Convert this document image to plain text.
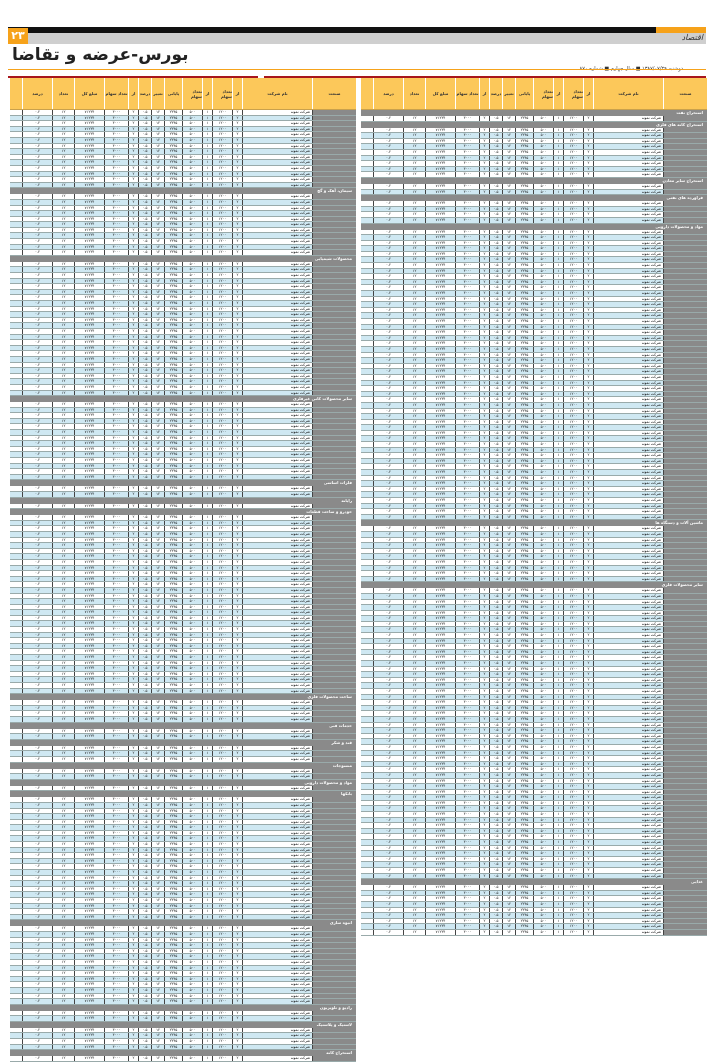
۲۳	اقتصاد
بورس-عرضه و تقاضا
صنعت
نام شرکت
از
تعداد سهام
از
تعداد سهام
پایانی
تغییر
درصد
از
تعداد سهام
مبلغ کل
تعداد
درصد
استخراج نفت
شرکت نمونه
۲
۱۲۰۰
۱
۵۰۰
۲۳۴۵
۱۲
۰.۵
۲
۳۰۰۰
۷۱۲۳۴
۱۲
۰.۲
استخراج کانه های فلزی
شرکت نمونه
۲
۱۲۰۰
۱
۵۰۰
۲۳۴۵
۱۲
۰.۵
۲
۳۰۰۰
۷۱۲۳۴
۱۲
۰.۲
شرکت نمونه
۲
۱۲۰۰
۱
۵۰۰
۲۳۴۵
۱۲
۰.۵
۲
۳۰۰۰
۷۱۲۳۴
۱۲
۰.۲
شرکت نمونه
۲
۱۲۰۰
۱
۵۰۰
۲۳۴۵
۱۲
۰.۵
۲
۳۰۰۰
۷۱۲۳۴
۱۲
۰.۲
شرکت نمونه
۲
۱۲۰۰
۱
۵۰۰
۲۳۴۵
۱۲
۰.۵
۲
۳۰۰۰
۷۱۲۳۴
۱۲
۰.۲
شرکت نمونه
۲
۱۲۰۰
۱
۵۰۰
۲۳۴۵
۱۲
۰.۵
۲
۳۰۰۰
۷۱۲۳۴
۱۲
۰.۲
شرکت نمونه
۲
۱۲۰۰
۱
۵۰۰
۲۳۴۵
۱۲
۰.۵
۲
۳۰۰۰
۷۱۲۳۴
۱۲
۰.۲
شرکت نمونه
۲
۱۲۰۰
۱
۵۰۰
۲۳۴۵
۱۲
۰.۵
۲
۳۰۰۰
۷۱۲۳۴
۱۲
۰.۲
شرکت نمونه
۲
۱۲۰۰
۱
۵۰۰
۲۳۴۵
۱۲
۰.۵
۲
۳۰۰۰
۷۱۲۳۴
۱۲
۰.۲
شرکت نمونه
۲
۱۲۰۰
۱
۵۰۰
۲۳۴۵
۱۲
۰.۵
۲
۳۰۰۰
۷۱۲۳۴
۱۲
۰.۲
استخراج سایر معادن
شرکت نمونه
۲
۱۲۰۰
۱
۵۰۰
۲۳۴۵
۱۲
۰.۵
۲
۳۰۰۰
۷۱۲۳۴
۱۲
۰.۲
شرکت نمونه
۲
۱۲۰۰
۱
۵۰۰
۲۳۴۵
۱۲
۰.۵
۲
۳۰۰۰
۷۱۲۳۴
۱۲
۰.۲
فراورده های نفتی
شرکت نمونه
۲
۱۲۰۰
۱
۵۰۰
۲۳۴۵
۱۲
۰.۵
۲
۳۰۰۰
۷۱۲۳۴
۱۲
۰.۲
شرکت نمونه
۲
۱۲۰۰
۱
۵۰۰
۲۳۴۵
۱۲
۰.۵
۲
۳۰۰۰
۷۱۲۳۴
۱۲
۰.۲
شرکت نمونه
۲
۱۲۰۰
۱
۵۰۰
۲۳۴۵
۱۲
۰.۵
۲
۳۰۰۰
۷۱۲۳۴
۱۲
۰.۲
شرکت نمونه
۲
۱۲۰۰
۱
۵۰۰
۲۳۴۵
۱۲
۰.۵
۲
۳۰۰۰
۷۱۲۳۴
۱۲
۰.۲
مواد و محصولات دارویی
شرکت نمونه
۲
۱۲۰۰
۱
۵۰۰
۲۳۴۵
۱۲
۰.۵
۲
۳۰۰۰
۷۱۲۳۴
۱۲
۰.۲
شرکت نمونه
۲
۱۲۰۰
۱
۵۰۰
۲۳۴۵
۱۲
۰.۵
۲
۳۰۰۰
۷۱۲۳۴
۱۲
۰.۲
شرکت نمونه
۲
۱۲۰۰
۱
۵۰۰
۲۳۴۵
۱۲
۰.۵
۲
۳۰۰۰
۷۱۲۳۴
۱۲
۰.۲
شرکت نمونه
۲
۱۲۰۰
۱
۵۰۰
۲۳۴۵
۱۲
۰.۵
۲
۳۰۰۰
۷۱۲۳۴
۱۲
۰.۲
شرکت نمونه
۲
۱۲۰۰
۱
۵۰۰
۲۳۴۵
۱۲
۰.۵
۲
۳۰۰۰
۷۱۲۳۴
۱۲
۰.۲
شرکت نمونه
۲
۱۲۰۰
۱
۵۰۰
۲۳۴۵
۱۲
۰.۵
۲
۳۰۰۰
۷۱۲۳۴
۱۲
۰.۲
شرکت نمونه
۲
۱۲۰۰
۱
۵۰۰
۲۳۴۵
۱۲
۰.۵
۲
۳۰۰۰
۷۱۲۳۴
۱۲
۰.۲
شرکت نمونه
۲
۱۲۰۰
۱
۵۰۰
۲۳۴۵
۱۲
۰.۵
۲
۳۰۰۰
۷۱۲۳۴
۱۲
۰.۲
شرکت نمونه
۲
۱۲۰۰
۱
۵۰۰
۲۳۴۵
۱۲
۰.۵
۲
۳۰۰۰
۷۱۲۳۴
۱۲
۰.۲
شرکت نمونه
۲
۱۲۰۰
۱
۵۰۰
۲۳۴۵
۱۲
۰.۵
۲
۳۰۰۰
۷۱۲۳۴
۱۲
۰.۲
شرکت نمونه
۲
۱۲۰۰
۱
۵۰۰
۲۳۴۵
۱۲
۰.۵
۲
۳۰۰۰
۷۱۲۳۴
۱۲
۰.۲
شرکت نمونه
۲
۱۲۰۰
۱
۵۰۰
۲۳۴۵
۱۲
۰.۵
۲
۳۰۰۰
۷۱۲۳۴
۱۲
۰.۲
شرکت نمونه
۲
۱۲۰۰
۱
۵۰۰
۲۳۴۵
۱۲
۰.۵
۲
۳۰۰۰
۷۱۲۳۴
۱۲
۰.۲
شرکت نمونه
۲
۱۲۰۰
۱
۵۰۰
۲۳۴۵
۱۲
۰.۵
۲
۳۰۰۰
۷۱۲۳۴
۱۲
۰.۲
شرکت نمونه
۲
۱۲۰۰
۱
۵۰۰
۲۳۴۵
۱۲
۰.۵
۲
۳۰۰۰
۷۱۲۳۴
۱۲
۰.۲
شرکت نمونه
۲
۱۲۰۰
۱
۵۰۰
۲۳۴۵
۱۲
۰.۵
۲
۳۰۰۰
۷۱۲۳۴
۱۲
۰.۲
شرکت نمونه
۲
۱۲۰۰
۱
۵۰۰
۲۳۴۵
۱۲
۰.۵
۲
۳۰۰۰
۷۱۲۳۴
۱۲
۰.۲
شرکت نمونه
۲
۱۲۰۰
۱
۵۰۰
۲۳۴۵
۱۲
۰.۵
۲
۳۰۰۰
۷۱۲۳۴
۱۲
۰.۲
شرکت نمونه
۲
۱۲۰۰
۱
۵۰۰
۲۳۴۵
۱۲
۰.۵
۲
۳۰۰۰
۷۱۲۳۴
۱۲
۰.۲
شرکت نمونه
۲
۱۲۰۰
۱
۵۰۰
۲۳۴۵
۱۲
۰.۵
۲
۳۰۰۰
۷۱۲۳۴
۱۲
۰.۲
شرکت نمونه
۲
۱۲۰۰
۱
۵۰۰
۲۳۴۵
۱۲
۰.۵
۲
۳۰۰۰
۷۱۲۳۴
۱۲
۰.۲
شرکت نمونه
۲
۱۲۰۰
۱
۵۰۰
۲۳۴۵
۱۲
۰.۵
۲
۳۰۰۰
۷۱۲۳۴
۱۲
۰.۲
شرکت نمونه
۲
۱۲۰۰
۱
۵۰۰
۲۳۴۵
۱۲
۰.۵
۲
۳۰۰۰
۷۱۲۳۴
۱۲
۰.۲
شرکت نمونه
۲
۱۲۰۰
۱
۵۰۰
۲۳۴۵
۱۲
۰.۵
۲
۳۰۰۰
۷۱۲۳۴
۱۲
۰.۲
شرکت نمونه
۲
۱۲۰۰
۱
۵۰۰
۲۳۴۵
۱۲
۰.۵
۲
۳۰۰۰
۷۱۲۳۴
۱۲
۰.۲
شرکت نمونه
۲
۱۲۰۰
۱
۵۰۰
۲۳۴۵
۱۲
۰.۵
۲
۳۰۰۰
۷۱۲۳۴
۱۲
۰.۲
شرکت نمونه
۲
۱۲۰۰
۱
۵۰۰
۲۳۴۵
۱۲
۰.۵
۲
۳۰۰۰
۷۱۲۳۴
۱۲
۰.۲
شرکت نمونه
۲
۱۲۰۰
۱
۵۰۰
۲۳۴۵
۱۲
۰.۵
۲
۳۰۰۰
۷۱۲۳۴
۱۲
۰.۲
شرکت نمونه
۲
۱۲۰۰
۱
۵۰۰
۲۳۴۵
۱۲
۰.۵
۲
۳۰۰۰
۷۱۲۳۴
۱۲
۰.۲
شرکت نمونه
۲
۱۲۰۰
۱
۵۰۰
۲۳۴۵
۱۲
۰.۵
۲
۳۰۰۰
۷۱۲۳۴
۱۲
۰.۲
شرکت نمونه
۲
۱۲۰۰
۱
۵۰۰
۲۳۴۵
۱۲
۰.۵
۲
۳۰۰۰
۷۱۲۳۴
۱۲
۰.۲
شرکت نمونه
۲
۱۲۰۰
۱
۵۰۰
۲۳۴۵
۱۲
۰.۵
۲
۳۰۰۰
۷۱۲۳۴
۱۲
۰.۲
شرکت نمونه
۲
۱۲۰۰
۱
۵۰۰
۲۳۴۵
۱۲
۰.۵
۲
۳۰۰۰
۷۱۲۳۴
۱۲
۰.۲
شرکت نمونه
۲
۱۲۰۰
۱
۵۰۰
۲۳۴۵
۱۲
۰.۵
۲
۳۰۰۰
۷۱۲۳۴
۱۲
۰.۲
شرکت نمونه
۲
۱۲۰۰
۱
۵۰۰
۲۳۴۵
۱۲
۰.۵
۲
۳۰۰۰
۷۱۲۳۴
۱۲
۰.۲
شرکت نمونه
۲
۱۲۰۰
۱
۵۰۰
۲۳۴۵
۱۲
۰.۵
۲
۳۰۰۰
۷۱۲۳۴
۱۲
۰.۲
شرکت نمونه
۲
۱۲۰۰
۱
۵۰۰
۲۳۴۵
۱۲
۰.۵
۲
۳۰۰۰
۷۱۲۳۴
۱۲
۰.۲
شرکت نمونه
۲
۱۲۰۰
۱
۵۰۰
۲۳۴۵
۱۲
۰.۵
۲
۳۰۰۰
۷۱۲۳۴
۱۲
۰.۲
شرکت نمونه
۲
۱۲۰۰
۱
۵۰۰
۲۳۴۵
۱۲
۰.۵
۲
۳۰۰۰
۷۱۲۳۴
۱۲
۰.۲
شرکت نمونه
۲
۱۲۰۰
۱
۵۰۰
۲۳۴۵
۱۲
۰.۵
۲
۳۰۰۰
۷۱۲۳۴
۱۲
۰.۲
شرکت نمونه
۲
۱۲۰۰
۱
۵۰۰
۲۳۴۵
۱۲
۰.۵
۲
۳۰۰۰
۷۱۲۳۴
۱۲
۰.۲
شرکت نمونه
۲
۱۲۰۰
۱
۵۰۰
۲۳۴۵
۱۲
۰.۵
۲
۳۰۰۰
۷۱۲۳۴
۱۲
۰.۲
شرکت نمونه
۲
۱۲۰۰
۱
۵۰۰
۲۳۴۵
۱۲
۰.۵
۲
۳۰۰۰
۷۱۲۳۴
۱۲
۰.۲
شرکت نمونه
۲
۱۲۰۰
۱
۵۰۰
۲۳۴۵
۱۲
۰.۵
۲
۳۰۰۰
۷۱۲۳۴
۱۲
۰.۲
شرکت نمونه
۲
۱۲۰۰
۱
۵۰۰
۲۳۴۵
۱۲
۰.۵
۲
۳۰۰۰
۷۱۲۳۴
۱۲
۰.۲
شرکت نمونه
۲
۱۲۰۰
۱
۵۰۰
۲۳۴۵
۱۲
۰.۵
۲
۳۰۰۰
۷۱۲۳۴
۱۲
۰.۲
شرکت نمونه
۲
۱۲۰۰
۱
۵۰۰
۲۳۴۵
۱۲
۰.۵
۲
۳۰۰۰
۷۱۲۳۴
۱۲
۰.۲
شرکت نمونه
۲
۱۲۰۰
۱
۵۰۰
۲۳۴۵
۱۲
۰.۵
۲
۳۰۰۰
۷۱۲۳۴
۱۲
۰.۲
شرکت نمونه
۲
۱۲۰۰
۱
۵۰۰
۲۳۴۵
۱۲
۰.۵
۲
۳۰۰۰
۷۱۲۳۴
۱۲
۰.۲
شرکت نمونه
۲
۱۲۰۰
۱
۵۰۰
۲۳۴۵
۱۲
۰.۵
۲
۳۰۰۰
۷۱۲۳۴
۱۲
۰.۲
شرکت نمونه
۲
۱۲۰۰
۱
۵۰۰
۲۳۴۵
۱۲
۰.۵
۲
۳۰۰۰
۷۱۲۳۴
۱۲
۰.۲
شرکت نمونه
۲
۱۲۰۰
۱
۵۰۰
۲۳۴۵
۱۲
۰.۵
۲
۳۰۰۰
۷۱۲۳۴
۱۲
۰.۲
ماشین آلات و دستگاه ها
شرکت نمونه
۲
۱۲۰۰
۱
۵۰۰
۲۳۴۵
۱۲
۰.۵
۲
۳۰۰۰
۷۱۲۳۴
۱۲
۰.۲
شرکت نمونه
۲
۱۲۰۰
۱
۵۰۰
۲۳۴۵
۱۲
۰.۵
۲
۳۰۰۰
۷۱۲۳۴
۱۲
۰.۲
شرکت نمونه
۲
۱۲۰۰
۱
۵۰۰
۲۳۴۵
۱۲
۰.۵
۲
۳۰۰۰
۷۱۲۳۴
۱۲
۰.۲
شرکت نمونه
۲
۱۲۰۰
۱
۵۰۰
۲۳۴۵
۱۲
۰.۵
۲
۳۰۰۰
۷۱۲۳۴
۱۲
۰.۲
شرکت نمونه
۲
۱۲۰۰
۱
۵۰۰
۲۳۴۵
۱۲
۰.۵
۲
۳۰۰۰
۷۱۲۳۴
۱۲
۰.۲
شرکت نمونه
۲
۱۲۰۰
۱
۵۰۰
۲۳۴۵
۱۲
۰.۵
۲
۳۰۰۰
۷۱۲۳۴
۱۲
۰.۲
شرکت نمونه
۲
۱۲۰۰
۱
۵۰۰
۲۳۴۵
۱۲
۰.۵
۲
۳۰۰۰
۷۱۲۳۴
۱۲
۰.۲
شرکت نمونه
۲
۱۲۰۰
۱
۵۰۰
۲۳۴۵
۱۲
۰.۵
۲
۳۰۰۰
۷۱۲۳۴
۱۲
۰.۲
شرکت نمونه
۲
۱۲۰۰
۱
۵۰۰
۲۳۴۵
۱۲
۰.۵
۲
۳۰۰۰
۷۱۲۳۴
۱۲
۰.۲
شرکت نمونه
۲
۱۲۰۰
۱
۵۰۰
۲۳۴۵
۱۲
۰.۵
۲
۳۰۰۰
۷۱۲۳۴
۱۲
۰.۲
سایر محصولات فلزی
شرکت نمونه
۲
۱۲۰۰
۱
۵۰۰
۲۳۴۵
۱۲
۰.۵
۲
۳۰۰۰
۷۱۲۳۴
۱۲
۰.۲
شرکت نمونه
۲
۱۲۰۰
۱
۵۰۰
۲۳۴۵
۱۲
۰.۵
۲
۳۰۰۰
۷۱۲۳۴
۱۲
۰.۲
شرکت نمونه
۲
۱۲۰۰
۱
۵۰۰
۲۳۴۵
۱۲
۰.۵
۲
۳۰۰۰
۷۱۲۳۴
۱۲
۰.۲
شرکت نمونه
۲
۱۲۰۰
۱
۵۰۰
۲۳۴۵
۱۲
۰.۵
۲
۳۰۰۰
۷۱۲۳۴
۱۲
۰.۲
شرکت نمونه
۲
۱۲۰۰
۱
۵۰۰
۲۳۴۵
۱۲
۰.۵
۲
۳۰۰۰
۷۱۲۳۴
۱۲
۰.۲
شرکت نمونه
۲
۱۲۰۰
۱
۵۰۰
۲۳۴۵
۱۲
۰.۵
۲
۳۰۰۰
۷۱۲۳۴
۱۲
۰.۲
شرکت نمونه
۲
۱۲۰۰
۱
۵۰۰
۲۳۴۵
۱۲
۰.۵
۲
۳۰۰۰
۷۱۲۳۴
۱۲
۰.۲
شرکت نمونه
۲
۱۲۰۰
۱
۵۰۰
۲۳۴۵
۱۲
۰.۵
۲
۳۰۰۰
۷۱۲۳۴
۱۲
۰.۲
شرکت نمونه
۲
۱۲۰۰
۱
۵۰۰
۲۳۴۵
۱۲
۰.۵
۲
۳۰۰۰
۷۱۲۳۴
۱۲
۰.۲
شرکت نمونه
۲
۱۲۰۰
۱
۵۰۰
۲۳۴۵
۱۲
۰.۵
۲
۳۰۰۰
۷۱۲۳۴
۱۲
۰.۲
شرکت نمونه
۲
۱۲۰۰
۱
۵۰۰
۲۳۴۵
۱۲
۰.۵
۲
۳۰۰۰
۷۱۲۳۴
۱۲
۰.۲
شرکت نمونه
۲
۱۲۰۰
۱
۵۰۰
۲۳۴۵
۱۲
۰.۵
۲
۳۰۰۰
۷۱۲۳۴
۱۲
۰.۲
شرکت نمونه
۲
۱۲۰۰
۱
۵۰۰
۲۳۴۵
۱۲
۰.۵
۲
۳۰۰۰
۷۱۲۳۴
۱۲
۰.۲
شرکت نمونه
۲
۱۲۰۰
۱
۵۰۰
۲۳۴۵
۱۲
۰.۵
۲
۳۰۰۰
۷۱۲۳۴
۱۲
۰.۲
شرکت نمونه
۲
۱۲۰۰
۱
۵۰۰
۲۳۴۵
۱۲
۰.۵
۲
۳۰۰۰
۷۱۲۳۴
۱۲
۰.۲
شرکت نمونه
۲
۱۲۰۰
۱
۵۰۰
۲۳۴۵
۱۲
۰.۵
۲
۳۰۰۰
۷۱۲۳۴
۱۲
۰.۲
شرکت نمونه
۲
۱۲۰۰
۱
۵۰۰
۲۳۴۵
۱۲
۰.۵
۲
۳۰۰۰
۷۱۲۳۴
۱۲
۰.۲
شرکت نمونه
۲
۱۲۰۰
۱
۵۰۰
۲۳۴۵
۱۲
۰.۵
۲
۳۰۰۰
۷۱۲۳۴
۱۲
۰.۲
شرکت نمونه
۲
۱۲۰۰
۱
۵۰۰
۲۳۴۵
۱۲
۰.۵
۲
۳۰۰۰
۷۱۲۳۴
۱۲
۰.۲
شرکت نمونه
۲
۱۲۰۰
۱
۵۰۰
۲۳۴۵
۱۲
۰.۵
۲
۳۰۰۰
۷۱۲۳۴
۱۲
۰.۲
شرکت نمونه
۲
۱۲۰۰
۱
۵۰۰
۲۳۴۵
۱۲
۰.۵
۲
۳۰۰۰
۷۱۲۳۴
۱۲
۰.۲
شرکت نمونه
۲
۱۲۰۰
۱
۵۰۰
۲۳۴۵
۱۲
۰.۵
۲
۳۰۰۰
۷۱۲۳۴
۱۲
۰.۲
شرکت نمونه
۲
۱۲۰۰
۱
۵۰۰
۲۳۴۵
۱۲
۰.۵
۲
۳۰۰۰
۷۱۲۳۴
۱۲
۰.۲
شرکت نمونه
۲
۱۲۰۰
۱
۵۰۰
۲۳۴۵
۱۲
۰.۵
۲
۳۰۰۰
۷۱۲۳۴
۱۲
۰.۲
شرکت نمونه
۲
۱۲۰۰
۱
۵۰۰
۲۳۴۵
۱۲
۰.۵
۲
۳۰۰۰
۷۱۲۳۴
۱۲
۰.۲
شرکت نمونه
۲
۱۲۰۰
۱
۵۰۰
۲۳۴۵
۱۲
۰.۵
۲
۳۰۰۰
۷۱۲۳۴
۱۲
۰.۲
شرکت نمونه
۲
۱۲۰۰
۱
۵۰۰
۲۳۴۵
۱۲
۰.۵
۲
۳۰۰۰
۷۱۲۳۴
۱۲
۰.۲
شرکت نمونه
۲
۱۲۰۰
۱
۵۰۰
۲۳۴۵
۱۲
۰.۵
۲
۳۰۰۰
۷۱۲۳۴
۱۲
۰.۲
شرکت نمونه
۲
۱۲۰۰
۱
۵۰۰
۲۳۴۵
۱۲
۰.۵
۲
۳۰۰۰
۷۱۲۳۴
۱۲
۰.۲
شرکت نمونه
۲
۱۲۰۰
۱
۵۰۰
۲۳۴۵
۱۲
۰.۵
۲
۳۰۰۰
۷۱۲۳۴
۱۲
۰.۲
شرکت نمونه
۲
۱۲۰۰
۱
۵۰۰
۲۳۴۵
۱۲
۰.۵
۲
۳۰۰۰
۷۱۲۳۴
۱۲
۰.۲
شرکت نمونه
۲
۱۲۰۰
۱
۵۰۰
۲۳۴۵
۱۲
۰.۵
۲
۳۰۰۰
۷۱۲۳۴
۱۲
۰.۲
شرکت نمونه
۲
۱۲۰۰
۱
۵۰۰
۲۳۴۵
۱۲
۰.۵
۲
۳۰۰۰
۷۱۲۳۴
۱۲
۰.۲
شرکت نمونه
۲
۱۲۰۰
۱
۵۰۰
۲۳۴۵
۱۲
۰.۵
۲
۳۰۰۰
۷۱۲۳۴
۱۲
۰.۲
شرکت نمونه
۲
۱۲۰۰
۱
۵۰۰
۲۳۴۵
۱۲
۰.۵
۲
۳۰۰۰
۷۱۲۳۴
۱۲
۰.۲
شرکت نمونه
۲
۱۲۰۰
۱
۵۰۰
۲۳۴۵
۱۲
۰.۵
۲
۳۰۰۰
۷۱۲۳۴
۱۲
۰.۲
شرکت نمونه
۲
۱۲۰۰
۱
۵۰۰
۲۳۴۵
۱۲
۰.۵
۲
۳۰۰۰
۷۱۲۳۴
۱۲
۰.۲
شرکت نمونه
۲
۱۲۰۰
۱
۵۰۰
۲۳۴۵
۱۲
۰.۵
۲
۳۰۰۰
۷۱۲۳۴
۱۲
۰.۲
شرکت نمونه
۲
۱۲۰۰
۱
۵۰۰
۲۳۴۵
۱۲
۰.۵
۲
۳۰۰۰
۷۱۲۳۴
۱۲
۰.۲
شرکت نمونه
۲
۱۲۰۰
۱
۵۰۰
۲۳۴۵
۱۲
۰.۵
۲
۳۰۰۰
۷۱۲۳۴
۱۲
۰.۲
شرکت نمونه
۲
۱۲۰۰
۱
۵۰۰
۲۳۴۵
۱۲
۰.۵
۲
۳۰۰۰
۷۱۲۳۴
۱۲
۰.۲
شرکت نمونه
۲
۱۲۰۰
۱
۵۰۰
۲۳۴۵
۱۲
۰.۵
۲
۳۰۰۰
۷۱۲۳۴
۱۲
۰.۲
شرکت نمونه
۲
۱۲۰۰
۱
۵۰۰
۲۳۴۵
۱۲
۰.۵
۲
۳۰۰۰
۷۱۲۳۴
۱۲
۰.۲
شرکت نمونه
۲
۱۲۰۰
۱
۵۰۰
۲۳۴۵
۱۲
۰.۵
۲
۳۰۰۰
۷۱۲۳۴
۱۲
۰.۲
شرکت نمونه
۲
۱۲۰۰
۱
۵۰۰
۲۳۴۵
۱۲
۰.۵
۲
۳۰۰۰
۷۱۲۳۴
۱۲
۰.۲
شرکت نمونه
۲
۱۲۰۰
۱
۵۰۰
۲۳۴۵
۱۲
۰.۵
۲
۳۰۰۰
۷۱۲۳۴
۱۲
۰.۲
شرکت نمونه
۲
۱۲۰۰
۱
۵۰۰
۲۳۴۵
۱۲
۰.۵
۲
۳۰۰۰
۷۱۲۳۴
۱۲
۰.۲
شرکت نمونه
۲
۱۲۰۰
۱
۵۰۰
۲۳۴۵
۱۲
۰.۵
۲
۳۰۰۰
۷۱۲۳۴
۱۲
۰.۲
شرکت نمونه
۲
۱۲۰۰
۱
۵۰۰
۲۳۴۵
۱۲
۰.۵
۲
۳۰۰۰
۷۱۲۳۴
۱۲
۰.۲
شرکت نمونه
۲
۱۲۰۰
۱
۵۰۰
۲۳۴۵
۱۲
۰.۵
۲
۳۰۰۰
۷۱۲۳۴
۱۲
۰.۲
شرکت نمونه
۲
۱۲۰۰
۱
۵۰۰
۲۳۴۵
۱۲
۰.۵
۲
۳۰۰۰
۷۱۲۳۴
۱۲
۰.۲
شرکت نمونه
۲
۱۲۰۰
۱
۵۰۰
۲۳۴۵
۱۲
۰.۵
۲
۳۰۰۰
۷۱۲۳۴
۱۲
۰.۲
غذایی
شرکت نمونه
۲
۱۲۰۰
۱
۵۰۰
۲۳۴۵
۱۲
۰.۵
۲
۳۰۰۰
۷۱۲۳۴
۱۲
۰.۲
شرکت نمونه
۲
۱۲۰۰
۱
۵۰۰
۲۳۴۵
۱۲
۰.۵
۲
۳۰۰۰
۷۱۲۳۴
۱۲
۰.۲
شرکت نمونه
۲
۱۲۰۰
۱
۵۰۰
۲۳۴۵
۱۲
۰.۵
۲
۳۰۰۰
۷۱۲۳۴
۱۲
۰.۲
شرکت نمونه
۲
۱۲۰۰
۱
۵۰۰
۲۳۴۵
۱۲
۰.۵
۲
۳۰۰۰
۷۱۲۳۴
۱۲
۰.۲
شرکت نمونه
۲
۱۲۰۰
۱
۵۰۰
۲۳۴۵
۱۲
۰.۵
۲
۳۰۰۰
۷۱۲۳۴
۱۲
۰.۲
شرکت نمونه
۲
۱۲۰۰
۱
۵۰۰
۲۳۴۵
۱۲
۰.۵
۲
۳۰۰۰
۷۱۲۳۴
۱۲
۰.۲
شرکت نمونه
۲
۱۲۰۰
۱
۵۰۰
۲۳۴۵
۱۲
۰.۵
۲
۳۰۰۰
۷۱۲۳۴
۱۲
۰.۲
شرکت نمونه
۲
۱۲۰۰
۱
۵۰۰
۲۳۴۵
۱۲
۰.۵
۲
۳۰۰۰
۷۱۲۳۴
۱۲
۰.۲
شرکت نمونه
۲
۱۲۰۰
۱
۵۰۰
۲۳۴۵
۱۲
۰.۵
۲
۳۰۰۰
۷۱۲۳۴
۱۲
۰.۲
صنعت
نام شرکت
از
تعداد سهام
از
تعداد سهام
پایانی
تغییر
درصد
از
تعداد سهام
مبلغ کل
تعداد
درصد
شرکت نمونه
۲
۱۲۰۰
۱
۵۰۰
۲۳۴۵
۱۲
۰.۵
۲
۳۰۰۰
۷۱۲۳۴
۱۲
۰.۲
شرکت نمونه
۲
۱۲۰۰
۱
۵۰۰
۲۳۴۵
۱۲
۰.۵
۲
۳۰۰۰
۷۱۲۳۴
۱۲
۰.۲
شرکت نمونه
۲
۱۲۰۰
۱
۵۰۰
۲۳۴۵
۱۲
۰.۵
۲
۳۰۰۰
۷۱۲۳۴
۱۲
۰.۲
شرکت نمونه
۲
۱۲۰۰
۱
۵۰۰
۲۳۴۵
۱۲
۰.۵
۲
۳۰۰۰
۷۱۲۳۴
۱۲
۰.۲
شرکت نمونه
۲
۱۲۰۰
۱
۵۰۰
۲۳۴۵
۱۲
۰.۵
۲
۳۰۰۰
۷۱۲۳۴
۱۲
۰.۲
شرکت نمونه
۲
۱۲۰۰
۱
۵۰۰
۲۳۴۵
۱۲
۰.۵
۲
۳۰۰۰
۷۱۲۳۴
۱۲
۰.۲
شرکت نمونه
۲
۱۲۰۰
۱
۵۰۰
۲۳۴۵
۱۲
۰.۵
۲
۳۰۰۰
۷۱۲۳۴
۱۲
۰.۲
شرکت نمونه
۲
۱۲۰۰
۱
۵۰۰
۲۳۴۵
۱۲
۰.۵
۲
۳۰۰۰
۷۱۲۳۴
۱۲
۰.۲
شرکت نمونه
۲
۱۲۰۰
۱
۵۰۰
۲۳۴۵
۱۲
۰.۵
۲
۳۰۰۰
۷۱۲۳۴
۱۲
۰.۲
شرکت نمونه
۲
۱۲۰۰
۱
۵۰۰
۲۳۴۵
۱۲
۰.۵
۲
۳۰۰۰
۷۱۲۳۴
۱۲
۰.۲
شرکت نمونه
۲
۱۲۰۰
۱
۵۰۰
۲۳۴۵
۱۲
۰.۵
۲
۳۰۰۰
۷۱۲۳۴
۱۲
۰.۲
شرکت نمونه
۲
۱۲۰۰
۱
۵۰۰
۲۳۴۵
۱۲
۰.۵
۲
۳۰۰۰
۷۱۲۳۴
۱۲
۰.۲
شرکت نمونه
۲
۱۲۰۰
۱
۵۰۰
۲۳۴۵
۱۲
۰.۵
۲
۳۰۰۰
۷۱۲۳۴
۱۲
۰.۲
شرکت نمونه
۲
۱۲۰۰
۱
۵۰۰
۲۳۴۵
۱۲
۰.۵
۲
۳۰۰۰
۷۱۲۳۴
۱۲
۰.۲
سیمان، آهک و گچ
شرکت نمونه
۲
۱۲۰۰
۱
۵۰۰
۲۳۴۵
۱۲
۰.۵
۲
۳۰۰۰
۷۱۲۳۴
۱۲
۰.۲
شرکت نمونه
۲
۱۲۰۰
۱
۵۰۰
۲۳۴۵
۱۲
۰.۵
۲
۳۰۰۰
۷۱۲۳۴
۱۲
۰.۲
شرکت نمونه
۲
۱۲۰۰
۱
۵۰۰
۲۳۴۵
۱۲
۰.۵
۲
۳۰۰۰
۷۱۲۳۴
۱۲
۰.۲
شرکت نمونه
۲
۱۲۰۰
۱
۵۰۰
۲۳۴۵
۱۲
۰.۵
۲
۳۰۰۰
۷۱۲۳۴
۱۲
۰.۲
شرکت نمونه
۲
۱۲۰۰
۱
۵۰۰
۲۳۴۵
۱۲
۰.۵
۲
۳۰۰۰
۷۱۲۳۴
۱۲
۰.۲
شرکت نمونه
۲
۱۲۰۰
۱
۵۰۰
۲۳۴۵
۱۲
۰.۵
۲
۳۰۰۰
۷۱۲۳۴
۱۲
۰.۲
شرکت نمونه
۲
۱۲۰۰
۱
۵۰۰
۲۳۴۵
۱۲
۰.۵
۲
۳۰۰۰
۷۱۲۳۴
۱۲
۰.۲
شرکت نمونه
۲
۱۲۰۰
۱
۵۰۰
۲۳۴۵
۱۲
۰.۵
۲
۳۰۰۰
۷۱۲۳۴
۱۲
۰.۲
شرکت نمونه
۲
۱۲۰۰
۱
۵۰۰
۲۳۴۵
۱۲
۰.۵
۲
۳۰۰۰
۷۱۲۳۴
۱۲
۰.۲
شرکت نمونه
۲
۱۲۰۰
۱
۵۰۰
۲۳۴۵
۱۲
۰.۵
۲
۳۰۰۰
۷۱۲۳۴
۱۲
۰.۲
شرکت نمونه
۲
۱۲۰۰
۱
۵۰۰
۲۳۴۵
۱۲
۰.۵
۲
۳۰۰۰
۷۱۲۳۴
۱۲
۰.۲
محصولات شیمیایی
شرکت نمونه
۲
۱۲۰۰
۱
۵۰۰
۲۳۴۵
۱۲
۰.۵
۲
۳۰۰۰
۷۱۲۳۴
۱۲
۰.۲
شرکت نمونه
۲
۱۲۰۰
۱
۵۰۰
۲۳۴۵
۱۲
۰.۵
۲
۳۰۰۰
۷۱۲۳۴
۱۲
۰.۲
شرکت نمونه
۲
۱۲۰۰
۱
۵۰۰
۲۳۴۵
۱۲
۰.۵
۲
۳۰۰۰
۷۱۲۳۴
۱۲
۰.۲
شرکت نمونه
۲
۱۲۰۰
۱
۵۰۰
۲۳۴۵
۱۲
۰.۵
۲
۳۰۰۰
۷۱۲۳۴
۱۲
۰.۲
شرکت نمونه
۲
۱۲۰۰
۱
۵۰۰
۲۳۴۵
۱۲
۰.۵
۲
۳۰۰۰
۷۱۲۳۴
۱۲
۰.۲
شرکت نمونه
۲
۱۲۰۰
۱
۵۰۰
۲۳۴۵
۱۲
۰.۵
۲
۳۰۰۰
۷۱۲۳۴
۱۲
۰.۲
شرکت نمونه
۲
۱۲۰۰
۱
۵۰۰
۲۳۴۵
۱۲
۰.۵
۲
۳۰۰۰
۷۱۲۳۴
۱۲
۰.۲
شرکت نمونه
۲
۱۲۰۰
۱
۵۰۰
۲۳۴۵
۱۲
۰.۵
۲
۳۰۰۰
۷۱۲۳۴
۱۲
۰.۲
شرکت نمونه
۲
۱۲۰۰
۱
۵۰۰
۲۳۴۵
۱۲
۰.۵
۲
۳۰۰۰
۷۱۲۳۴
۱۲
۰.۲
شرکت نمونه
۲
۱۲۰۰
۱
۵۰۰
۲۳۴۵
۱۲
۰.۵
۲
۳۰۰۰
۷۱۲۳۴
۱۲
۰.۲
شرکت نمونه
۲
۱۲۰۰
۱
۵۰۰
۲۳۴۵
۱۲
۰.۵
۲
۳۰۰۰
۷۱۲۳۴
۱۲
۰.۲
شرکت نمونه
۲
۱۲۰۰
۱
۵۰۰
۲۳۴۵
۱۲
۰.۵
۲
۳۰۰۰
۷۱۲۳۴
۱۲
۰.۲
شرکت نمونه
۲
۱۲۰۰
۱
۵۰۰
۲۳۴۵
۱۲
۰.۵
۲
۳۰۰۰
۷۱۲۳۴
۱۲
۰.۲
شرکت نمونه
۲
۱۲۰۰
۱
۵۰۰
۲۳۴۵
۱۲
۰.۵
۲
۳۰۰۰
۷۱۲۳۴
۱۲
۰.۲
شرکت نمونه
۲
۱۲۰۰
۱
۵۰۰
۲۳۴۵
۱۲
۰.۵
۲
۳۰۰۰
۷۱۲۳۴
۱۲
۰.۲
شرکت نمونه
۲
۱۲۰۰
۱
۵۰۰
۲۳۴۵
۱۲
۰.۵
۲
۳۰۰۰
۷۱۲۳۴
۱۲
۰.۲
شرکت نمونه
۲
۱۲۰۰
۱
۵۰۰
۲۳۴۵
۱۲
۰.۵
۲
۳۰۰۰
۷۱۲۳۴
۱۲
۰.۲
شرکت نمونه
۲
۱۲۰۰
۱
۵۰۰
۲۳۴۵
۱۲
۰.۵
۲
۳۰۰۰
۷۱۲۳۴
۱۲
۰.۲
شرکت نمونه
۲
۱۲۰۰
۱
۵۰۰
۲۳۴۵
۱۲
۰.۵
۲
۳۰۰۰
۷۱۲۳۴
۱۲
۰.۲
شرکت نمونه
۲
۱۲۰۰
۱
۵۰۰
۲۳۴۵
۱۲
۰.۵
۲
۳۰۰۰
۷۱۲۳۴
۱۲
۰.۲
شرکت نمونه
۲
۱۲۰۰
۱
۵۰۰
۲۳۴۵
۱۲
۰.۵
۲
۳۰۰۰
۷۱۲۳۴
۱۲
۰.۲
شرکت نمونه
۲
۱۲۰۰
۱
۵۰۰
۲۳۴۵
۱۲
۰.۵
۲
۳۰۰۰
۷۱۲۳۴
۱۲
۰.۲
شرکت نمونه
۲
۱۲۰۰
۱
۵۰۰
۲۳۴۵
۱۲
۰.۵
۲
۳۰۰۰
۷۱۲۳۴
۱۲
۰.۲
شرکت نمونه
۲
۱۲۰۰
۱
۵۰۰
۲۳۴۵
۱۲
۰.۵
۲
۳۰۰۰
۷۱۲۳۴
۱۲
۰.۲
سایر محصولات کانی غیرفلزی
شرکت نمونه
۲
۱۲۰۰
۱
۵۰۰
۲۳۴۵
۱۲
۰.۵
۲
۳۰۰۰
۷۱۲۳۴
۱۲
۰.۲
شرکت نمونه
۲
۱۲۰۰
۱
۵۰۰
۲۳۴۵
۱۲
۰.۵
۲
۳۰۰۰
۷۱۲۳۴
۱۲
۰.۲
شرکت نمونه
۲
۱۲۰۰
۱
۵۰۰
۲۳۴۵
۱۲
۰.۵
۲
۳۰۰۰
۷۱۲۳۴
۱۲
۰.۲
شرکت نمونه
۲
۱۲۰۰
۱
۵۰۰
۲۳۴۵
۱۲
۰.۵
۲
۳۰۰۰
۷۱۲۳۴
۱۲
۰.۲
شرکت نمونه
۲
۱۲۰۰
۱
۵۰۰
۲۳۴۵
۱۲
۰.۵
۲
۳۰۰۰
۷۱۲۳۴
۱۲
۰.۲
شرکت نمونه
۲
۱۲۰۰
۱
۵۰۰
۲۳۴۵
۱۲
۰.۵
۲
۳۰۰۰
۷۱۲۳۴
۱۲
۰.۲
شرکت نمونه
۲
۱۲۰۰
۱
۵۰۰
۲۳۴۵
۱۲
۰.۵
۲
۳۰۰۰
۷۱۲۳۴
۱۲
۰.۲
شرکت نمونه
۲
۱۲۰۰
۱
۵۰۰
۲۳۴۵
۱۲
۰.۵
۲
۳۰۰۰
۷۱۲۳۴
۱۲
۰.۲
شرکت نمونه
۲
۱۲۰۰
۱
۵۰۰
۲۳۴۵
۱۲
۰.۵
۲
۳۰۰۰
۷۱۲۳۴
۱۲
۰.۲
شرکت نمونه
۲
۱۲۰۰
۱
۵۰۰
۲۳۴۵
۱۲
۰.۵
۲
۳۰۰۰
۷۱۲۳۴
۱۲
۰.۲
شرکت نمونه
۲
۱۲۰۰
۱
۵۰۰
۲۳۴۵
۱۲
۰.۵
۲
۳۰۰۰
۷۱۲۳۴
۱۲
۰.۲
شرکت نمونه
۲
۱۲۰۰
۱
۵۰۰
۲۳۴۵
۱۲
۰.۵
۲
۳۰۰۰
۷۱۲۳۴
۱۲
۰.۲
شرکت نمونه
۲
۱۲۰۰
۱
۵۰۰
۲۳۴۵
۱۲
۰.۵
۲
۳۰۰۰
۷۱۲۳۴
۱۲
۰.۲
شرکت نمونه
۲
۱۲۰۰
۱
۵۰۰
۲۳۴۵
۱۲
۰.۵
۲
۳۰۰۰
۷۱۲۳۴
۱۲
۰.۲
فلزات اساسی
شرکت نمونه
۲
۱۲۰۰
۱
۵۰۰
۲۳۴۵
۱۲
۰.۵
۲
۳۰۰۰
۷۱۲۳۴
۱۲
۰.۲
شرکت نمونه
۲
۱۲۰۰
۱
۵۰۰
۲۳۴۵
۱۲
۰.۵
۲
۳۰۰۰
۷۱۲۳۴
۱۲
۰.۲
رایانه
شرکت نمونه
۲
۱۲۰۰
۱
۵۰۰
۲۳۴۵
۱۲
۰.۵
۲
۳۰۰۰
۷۱۲۳۴
۱۲
۰.۲
خودرو و ساخت قطعات
شرکت نمونه
۲
۱۲۰۰
۱
۵۰۰
۲۳۴۵
۱۲
۰.۵
۲
۳۰۰۰
۷۱۲۳۴
۱۲
۰.۲
شرکت نمونه
۲
۱۲۰۰
۱
۵۰۰
۲۳۴۵
۱۲
۰.۵
۲
۳۰۰۰
۷۱۲۳۴
۱۲
۰.۲
شرکت نمونه
۲
۱۲۰۰
۱
۵۰۰
۲۳۴۵
۱۲
۰.۵
۲
۳۰۰۰
۷۱۲۳۴
۱۲
۰.۲
شرکت نمونه
۲
۱۲۰۰
۱
۵۰۰
۲۳۴۵
۱۲
۰.۵
۲
۳۰۰۰
۷۱۲۳۴
۱۲
۰.۲
شرکت نمونه
۲
۱۲۰۰
۱
۵۰۰
۲۳۴۵
۱۲
۰.۵
۲
۳۰۰۰
۷۱۲۳۴
۱۲
۰.۲
شرکت نمونه
۲
۱۲۰۰
۱
۵۰۰
۲۳۴۵
۱۲
۰.۵
۲
۳۰۰۰
۷۱۲۳۴
۱۲
۰.۲
شرکت نمونه
۲
۱۲۰۰
۱
۵۰۰
۲۳۴۵
۱۲
۰.۵
۲
۳۰۰۰
۷۱۲۳۴
۱۲
۰.۲
شرکت نمونه
۲
۱۲۰۰
۱
۵۰۰
۲۳۴۵
۱۲
۰.۵
۲
۳۰۰۰
۷۱۲۳۴
۱۲
۰.۲
شرکت نمونه
۲
۱۲۰۰
۱
۵۰۰
۲۳۴۵
۱۲
۰.۵
۲
۳۰۰۰
۷۱۲۳۴
۱۲
۰.۲
شرکت نمونه
۲
۱۲۰۰
۱
۵۰۰
۲۳۴۵
۱۲
۰.۵
۲
۳۰۰۰
۷۱۲۳۴
۱۲
۰.۲
شرکت نمونه
۲
۱۲۰۰
۱
۵۰۰
۲۳۴۵
۱۲
۰.۵
۲
۳۰۰۰
۷۱۲۳۴
۱۲
۰.۲
شرکت نمونه
۲
۱۲۰۰
۱
۵۰۰
۲۳۴۵
۱۲
۰.۵
۲
۳۰۰۰
۷۱۲۳۴
۱۲
۰.۲
شرکت نمونه
۲
۱۲۰۰
۱
۵۰۰
۲۳۴۵
۱۲
۰.۵
۲
۳۰۰۰
۷۱۲۳۴
۱۲
۰.۲
شرکت نمونه
۲
۱۲۰۰
۱
۵۰۰
۲۳۴۵
۱۲
۰.۵
۲
۳۰۰۰
۷۱۲۳۴
۱۲
۰.۲
شرکت نمونه
۲
۱۲۰۰
۱
۵۰۰
۲۳۴۵
۱۲
۰.۵
۲
۳۰۰۰
۷۱۲۳۴
۱۲
۰.۲
شرکت نمونه
۲
۱۲۰۰
۱
۵۰۰
۲۳۴۵
۱۲
۰.۵
۲
۳۰۰۰
۷۱۲۳۴
۱۲
۰.۲
شرکت نمونه
۲
۱۲۰۰
۱
۵۰۰
۲۳۴۵
۱۲
۰.۵
۲
۳۰۰۰
۷۱۲۳۴
۱۲
۰.۲
شرکت نمونه
۲
۱۲۰۰
۱
۵۰۰
۲۳۴۵
۱۲
۰.۵
۲
۳۰۰۰
۷۱۲۳۴
۱۲
۰.۲
شرکت نمونه
۲
۱۲۰۰
۱
۵۰۰
۲۳۴۵
۱۲
۰.۵
۲
۳۰۰۰
۷۱۲۳۴
۱۲
۰.۲
شرکت نمونه
۲
۱۲۰۰
۱
۵۰۰
۲۳۴۵
۱۲
۰.۵
۲
۳۰۰۰
۷۱۲۳۴
۱۲
۰.۲
شرکت نمونه
۲
۱۲۰۰
۱
۵۰۰
۲۳۴۵
۱۲
۰.۵
۲
۳۰۰۰
۷۱۲۳۴
۱۲
۰.۲
شرکت نمونه
۲
۱۲۰۰
۱
۵۰۰
۲۳۴۵
۱۲
۰.۵
۲
۳۰۰۰
۷۱۲۳۴
۱۲
۰.۲
شرکت نمونه
۲
۱۲۰۰
۱
۵۰۰
۲۳۴۵
۱۲
۰.۵
۲
۳۰۰۰
۷۱۲۳۴
۱۲
۰.۲
شرکت نمونه
۲
۱۲۰۰
۱
۵۰۰
۲۳۴۵
۱۲
۰.۵
۲
۳۰۰۰
۷۱۲۳۴
۱۲
۰.۲
شرکت نمونه
۲
۱۲۰۰
۱
۵۰۰
۲۳۴۵
۱۲
۰.۵
۲
۳۰۰۰
۷۱۲۳۴
۱۲
۰.۲
شرکت نمونه
۲
۱۲۰۰
۱
۵۰۰
۲۳۴۵
۱۲
۰.۵
۲
۳۰۰۰
۷۱۲۳۴
۱۲
۰.۲
شرکت نمونه
۲
۱۲۰۰
۱
۵۰۰
۲۳۴۵
۱۲
۰.۵
۲
۳۰۰۰
۷۱۲۳۴
۱۲
۰.۲
شرکت نمونه
۲
۱۲۰۰
۱
۵۰۰
۲۳۴۵
۱۲
۰.۵
۲
۳۰۰۰
۷۱۲۳۴
۱۲
۰.۲
شرکت نمونه
۲
۱۲۰۰
۱
۵۰۰
۲۳۴۵
۱۲
۰.۵
۲
۳۰۰۰
۷۱۲۳۴
۱۲
۰.۲
شرکت نمونه
۲
۱۲۰۰
۱
۵۰۰
۲۳۴۵
۱۲
۰.۵
۲
۳۰۰۰
۷۱۲۳۴
۱۲
۰.۲
شرکت نمونه
۲
۱۲۰۰
۱
۵۰۰
۲۳۴۵
۱۲
۰.۵
۲
۳۰۰۰
۷۱۲۳۴
۱۲
۰.۲
شرکت نمونه
۲
۱۲۰۰
۱
۵۰۰
۲۳۴۵
۱۲
۰.۵
۲
۳۰۰۰
۷۱۲۳۴
۱۲
۰.۲
ساخت محصولات فلزی
شرکت نمونه
۲
۱۲۰۰
۱
۵۰۰
۲۳۴۵
۱۲
۰.۵
۲
۳۰۰۰
۷۱۲۳۴
۱۲
۰.۲
شرکت نمونه
۲
۱۲۰۰
۱
۵۰۰
۲۳۴۵
۱۲
۰.۵
۲
۳۰۰۰
۷۱۲۳۴
۱۲
۰.۲
شرکت نمونه
۲
۱۲۰۰
۱
۵۰۰
۲۳۴۵
۱۲
۰.۵
۲
۳۰۰۰
۷۱۲۳۴
۱۲
۰.۲
شرکت نمونه
۲
۱۲۰۰
۱
۵۰۰
۲۳۴۵
۱۲
۰.۵
۲
۳۰۰۰
۷۱۲۳۴
۱۲
۰.۲
خدمات فنی
شرکت نمونه
۲
۱۲۰۰
۱
۵۰۰
۲۳۴۵
۱۲
۰.۵
۲
۳۰۰۰
۷۱۲۳۴
۱۲
۰.۲
شرکت نمونه
۲
۱۲۰۰
۱
۵۰۰
۲۳۴۵
۱۲
۰.۵
۲
۳۰۰۰
۷۱۲۳۴
۱۲
۰.۲
قند و شکر
شرکت نمونه
۲
۱۲۰۰
۱
۵۰۰
۲۳۴۵
۱۲
۰.۵
۲
۳۰۰۰
۷۱۲۳۴
۱۲
۰.۲
شرکت نمونه
۲
۱۲۰۰
۱
۵۰۰
۲۳۴۵
۱۲
۰.۵
۲
۳۰۰۰
۷۱۲۳۴
۱۲
۰.۲
شرکت نمونه
۲
۱۲۰۰
۱
۵۰۰
۲۳۴۵
۱۲
۰.۵
۲
۳۰۰۰
۷۱۲۳۴
۱۲
۰.۲
منسوجات
شرکت نمونه
۲
۱۲۰۰
۱
۵۰۰
۲۳۴۵
۱۲
۰.۵
۲
۳۰۰۰
۷۱۲۳۴
۱۲
۰.۲
شرکت نمونه
۲
۱۲۰۰
۱
۵۰۰
۲۳۴۵
۱۲
۰.۵
۲
۳۰۰۰
۷۱۲۳۴
۱۲
۰.۲
مواد و محصولات دارویی
شرکت نمونه
۲
۱۲۰۰
۱
۵۰۰
۲۳۴۵
۱۲
۰.۵
۲
۳۰۰۰
۷۱۲۳۴
۱۲
۰.۲
بانکها
شرکت نمونه
۲
۱۲۰۰
۱
۵۰۰
۲۳۴۵
۱۲
۰.۵
۲
۳۰۰۰
۷۱۲۳۴
۱۲
۰.۲
شرکت نمونه
۲
۱۲۰۰
۱
۵۰۰
۲۳۴۵
۱۲
۰.۵
۲
۳۰۰۰
۷۱۲۳۴
۱۲
۰.۲
شرکت نمونه
۲
۱۲۰۰
۱
۵۰۰
۲۳۴۵
۱۲
۰.۵
۲
۳۰۰۰
۷۱۲۳۴
۱۲
۰.۲
شرکت نمونه
۲
۱۲۰۰
۱
۵۰۰
۲۳۴۵
۱۲
۰.۵
۲
۳۰۰۰
۷۱۲۳۴
۱۲
۰.۲
شرکت نمونه
۲
۱۲۰۰
۱
۵۰۰
۲۳۴۵
۱۲
۰.۵
۲
۳۰۰۰
۷۱۲۳۴
۱۲
۰.۲
شرکت نمونه
۲
۱۲۰۰
۱
۵۰۰
۲۳۴۵
۱۲
۰.۵
۲
۳۰۰۰
۷۱۲۳۴
۱۲
۰.۲
شرکت نمونه
۲
۱۲۰۰
۱
۵۰۰
۲۳۴۵
۱۲
۰.۵
۲
۳۰۰۰
۷۱۲۳۴
۱۲
۰.۲
شرکت نمونه
۲
۱۲۰۰
۱
۵۰۰
۲۳۴۵
۱۲
۰.۵
۲
۳۰۰۰
۷۱۲۳۴
۱۲
۰.۲
شرکت نمونه
۲
۱۲۰۰
۱
۵۰۰
۲۳۴۵
۱۲
۰.۵
۲
۳۰۰۰
۷۱۲۳۴
۱۲
۰.۲
شرکت نمونه
۲
۱۲۰۰
۱
۵۰۰
۲۳۴۵
۱۲
۰.۵
۲
۳۰۰۰
۷۱۲۳۴
۱۲
۰.۲
شرکت نمونه
۲
۱۲۰۰
۱
۵۰۰
۲۳۴۵
۱۲
۰.۵
۲
۳۰۰۰
۷۱۲۳۴
۱۲
۰.۲
شرکت نمونه
۲
۱۲۰۰
۱
۵۰۰
۲۳۴۵
۱۲
۰.۵
۲
۳۰۰۰
۷۱۲۳۴
۱۲
۰.۲
شرکت نمونه
۲
۱۲۰۰
۱
۵۰۰
۲۳۴۵
۱۲
۰.۵
۲
۳۰۰۰
۷۱۲۳۴
۱۲
۰.۲
شرکت نمونه
۲
۱۲۰۰
۱
۵۰۰
۲۳۴۵
۱۲
۰.۵
۲
۳۰۰۰
۷۱۲۳۴
۱۲
۰.۲
شرکت نمونه
۲
۱۲۰۰
۱
۵۰۰
۲۳۴۵
۱۲
۰.۵
۲
۳۰۰۰
۷۱۲۳۴
۱۲
۰.۲
شرکت نمونه
۲
۱۲۰۰
۱
۵۰۰
۲۳۴۵
۱۲
۰.۵
۲
۳۰۰۰
۷۱۲۳۴
۱۲
۰.۲
شرکت نمونه
۲
۱۲۰۰
۱
۵۰۰
۲۳۴۵
۱۲
۰.۵
۲
۳۰۰۰
۷۱۲۳۴
۱۲
۰.۲
شرکت نمونه
۲
۱۲۰۰
۱
۵۰۰
۲۳۴۵
۱۲
۰.۵
۲
۳۰۰۰
۷۱۲۳۴
۱۲
۰.۲
شرکت نمونه
۲
۱۲۰۰
۱
۵۰۰
۲۳۴۵
۱۲
۰.۵
۲
۳۰۰۰
۷۱۲۳۴
۱۲
۰.۲
شرکت نمونه
۲
۱۲۰۰
۱
۵۰۰
۲۳۴۵
۱۲
۰.۵
۲
۳۰۰۰
۷۱۲۳۴
۱۲
۰.۲
شرکت نمونه
۲
۱۲۰۰
۱
۵۰۰
۲۳۴۵
۱۲
۰.۵
۲
۳۰۰۰
۷۱۲۳۴
۱۲
۰.۲
شرکت نمونه
۲
۱۲۰۰
۱
۵۰۰
۲۳۴۵
۱۲
۰.۵
۲
۳۰۰۰
۷۱۲۳۴
۱۲
۰.۲
انبوه سازی
شرکت نمونه
۲
۱۲۰۰
۱
۵۰۰
۲۳۴۵
۱۲
۰.۵
۲
۳۰۰۰
۷۱۲۳۴
۱۲
۰.۲
شرکت نمونه
۲
۱۲۰۰
۱
۵۰۰
۲۳۴۵
۱۲
۰.۵
۲
۳۰۰۰
۷۱۲۳۴
۱۲
۰.۲
شرکت نمونه
۲
۱۲۰۰
۱
۵۰۰
۲۳۴۵
۱۲
۰.۵
۲
۳۰۰۰
۷۱۲۳۴
۱۲
۰.۲
شرکت نمونه
۲
۱۲۰۰
۱
۵۰۰
۲۳۴۵
۱۲
۰.۵
۲
۳۰۰۰
۷۱۲۳۴
۱۲
۰.۲
شرکت نمونه
۲
۱۲۰۰
۱
۵۰۰
۲۳۴۵
۱۲
۰.۵
۲
۳۰۰۰
۷۱۲۳۴
۱۲
۰.۲
شرکت نمونه
۲
۱۲۰۰
۱
۵۰۰
۲۳۴۵
۱۲
۰.۵
۲
۳۰۰۰
۷۱۲۳۴
۱۲
۰.۲
شرکت نمونه
۲
۱۲۰۰
۱
۵۰۰
۲۳۴۵
۱۲
۰.۵
۲
۳۰۰۰
۷۱۲۳۴
۱۲
۰.۲
شرکت نمونه
۲
۱۲۰۰
۱
۵۰۰
۲۳۴۵
۱۲
۰.۵
۲
۳۰۰۰
۷۱۲۳۴
۱۲
۰.۲
شرکت نمونه
۲
۱۲۰۰
۱
۵۰۰
۲۳۴۵
۱۲
۰.۵
۲
۳۰۰۰
۷۱۲۳۴
۱۲
۰.۲
شرکت نمونه
۲
۱۲۰۰
۱
۵۰۰
۲۳۴۵
۱۲
۰.۵
۲
۳۰۰۰
۷۱۲۳۴
۱۲
۰.۲
شرکت نمونه
۲
۱۲۰۰
۱
۵۰۰
۲۳۴۵
۱۲
۰.۵
۲
۳۰۰۰
۷۱۲۳۴
۱۲
۰.۲
شرکت نمونه
۲
۱۲۰۰
۱
۵۰۰
۲۳۴۵
۱۲
۰.۵
۲
۳۰۰۰
۷۱۲۳۴
۱۲
۰.۲
شرکت نمونه
۲
۱۲۰۰
۱
۵۰۰
۲۳۴۵
۱۲
۰.۵
۲
۳۰۰۰
۷۱۲۳۴
۱۲
۰.۲
شرکت نمونه
۲
۱۲۰۰
۱
۵۰۰
۲۳۴۵
۱۲
۰.۵
۲
۳۰۰۰
۷۱۲۳۴
۱۲
۰.۲
رادیو و تلویزیون
شرکت نمونه
۲
۱۲۰۰
۱
۵۰۰
۲۳۴۵
۱۲
۰.۵
۲
۳۰۰۰
۷۱۲۳۴
۱۲
۰.۲
شرکت نمونه
۲
۱۲۰۰
۱
۵۰۰
۲۳۴۵
۱۲
۰.۵
۲
۳۰۰۰
۷۱۲۳۴
۱۲
۰.۲
لاستیک و پلاستیک
شرکت نمونه
۲
۱۲۰۰
۱
۵۰۰
۲۳۴۵
۱۲
۰.۵
۲
۳۰۰۰
۷۱۲۳۴
۱۲
۰.۲
شرکت نمونه
۲
۱۲۰۰
۱
۵۰۰
۲۳۴۵
۱۲
۰.۵
۲
۳۰۰۰
۷۱۲۳۴
۱۲
۰.۲
شرکت نمونه
۲
۱۲۰۰
۱
۵۰۰
۲۳۴۵
۱۲
۰.۵
۲
۳۰۰۰
۷۱۲۳۴
۱۲
۰.۲
شرکت نمونه
۲
۱۲۰۰
۱
۵۰۰
۲۳۴۵
۱۲
۰.۵
۲
۳۰۰۰
۷۱۲۳۴
۱۲
۰.۲
استخراج کانه
شرکت نمونه
۲
۱۲۰۰
۱
۵۰۰
۲۳۴۵
۱۲
۰.۵
۲
۳۰۰۰
۷۱۲۳۴
۱۲
۰.۲
